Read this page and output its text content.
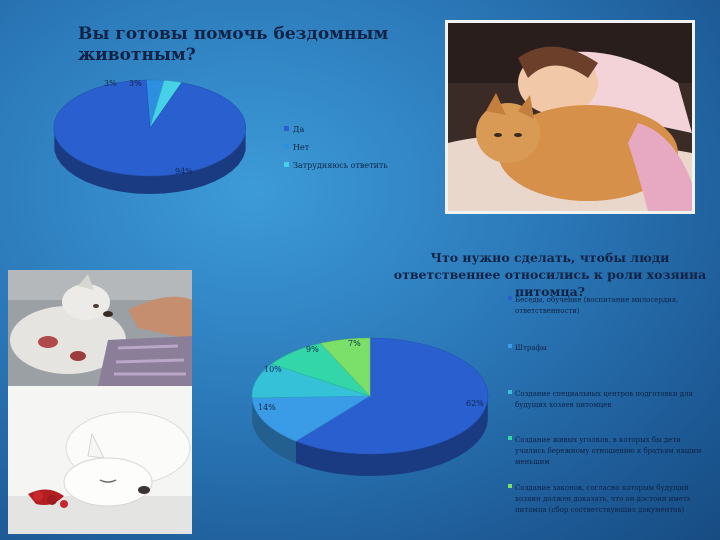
Вы готовы помочь бездомным животным?
Что нужно сделать, чтобы люди ответственнее относились к роли хозяина питомца?
3% 3%
94%
Да
Нет
Затрудняюсь ответить
62%
14%
10%
9%
7%
Беседы, обучение (воспитание милосердия, ответственности)
Штрафы
Создание специальных центров подготовки для будущих хозяев питомцев
Создание живых уголков, в которых бы дети учились бережному отношению к братьям нашим меньшим
Создание законов, согласно которым будущий хозяин должен доказать, что он достоин иметь питомца (сбор соответствующих документов)
